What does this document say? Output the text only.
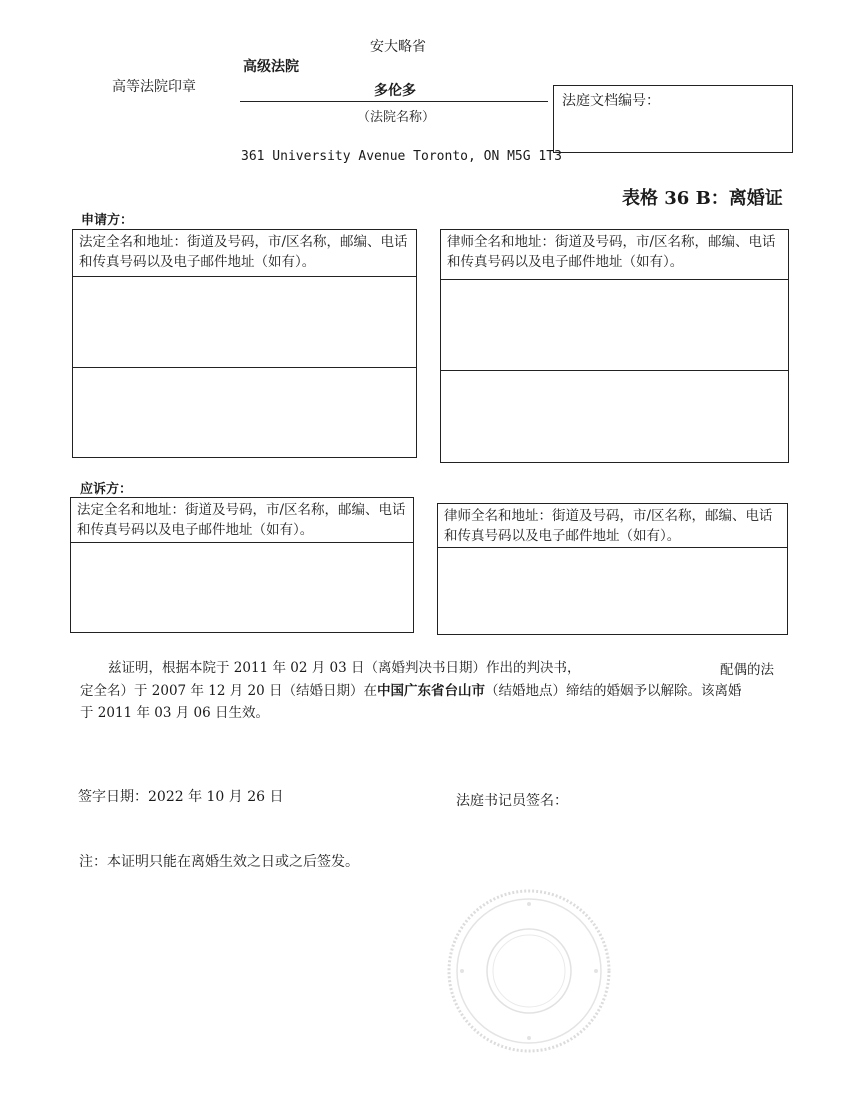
安大略省
高等法院印章
高级法院
多伦多
（法院名称）
法庭文档编号：
361 University Avenue Toronto, ON M5G 1T3
表格 36 B：离婚证
申请方：
法定全名和地址：街道及号码，市/区名称，邮编、电话和传真号码以及电子邮件地址（如有）。
律师全名和地址：街道及号码，市/区名称，邮编、电话和传真号码以及电子邮件地址（如有）。
应诉方：
法定全名和地址：街道及号码，市/区名称，邮编、电话和传真号码以及电子邮件地址（如有）。
律师全名和地址：街道及号码，市/区名称，邮编、电话和传真号码以及电子邮件地址（如有）。
兹证明，根据本院于 2011 年 02 月 03 日（离婚判决书日期）作出的判决书，	配偶的法
定全名）于 2007 年 12 月 20 日（结婚日期）在中国广东省台山市（结婚地点）缔结的婚姻予以解除。该离婚
于 2011 年 03 月 06 日生效。
签字日期：2022 年 10 月 26 日	法庭书记员签名：
注：本证明只能在离婚生效之日或之后签发。
